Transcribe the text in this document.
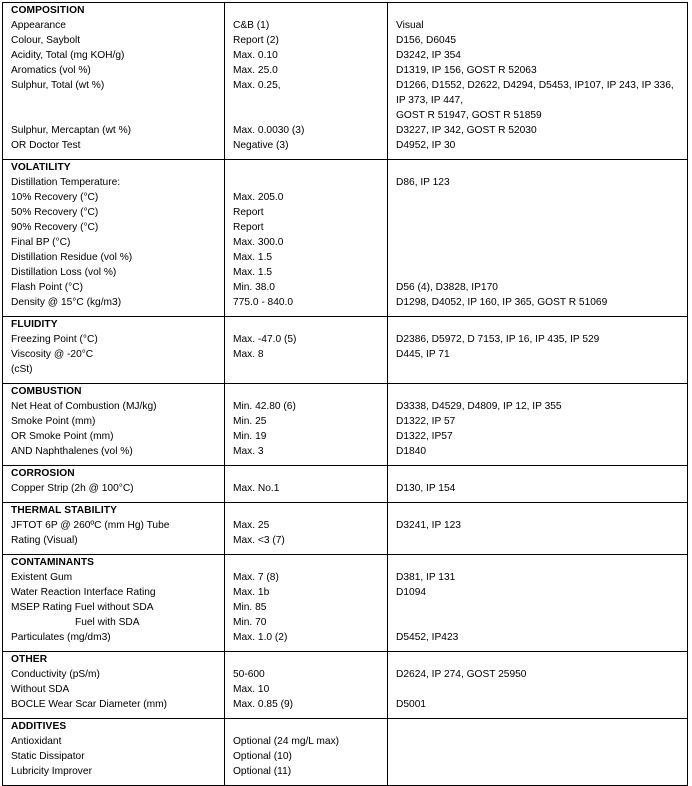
COMPOSITION		
Appearance	C&B (1)	Visual
Colour, Saybolt	Report (2)	D156, D6045
Acidity, Total (mg KOH/g)	Max. 0.10	D3242, IP 354
Aromatics (vol %)	Max. 25.0	D1319, IP 156, GOST R 52063
Sulphur, Total (wt %)	Max. 0.25,	D1266, D1552, D2622, D4294, D5453, IP107, IP 243, IP 336, IP 373, IP 447,
		GOST R 51947, GOST R 51859
Sulphur, Mercaptan (wt %)	Max. 0.0030 (3)	D3227, IP 342, GOST R 52030
OR Doctor Test	Negative (3)	D4952, IP 30

VOLATILITY		
Distillation Temperature:		D86, IP 123
10% Recovery (°C)	Max. 205.0	
50% Recovery (°C)	Report	
90% Recovery (°C)	Report	
Final BP (°C)	Max. 300.0	
Distillation Residue (vol %)	Max. 1.5	
Distillation Loss (vol %)	Max. 1.5	
Flash Point (°C)	Min. 38.0	D56 (4), D3828, IP170
Density @ 15°C (kg/m3)	775.0 - 840.0	D1298, D4052, IP 160, IP 365, GOST R 51069

FLUIDITY		
Freezing Point (°C)	Max. -47.0 (5)	D2386, D5972, D 7153, IP 16, IP 435, IP 529
Viscosity @ -20°C	Max. 8	D445, IP 71
(cSt)		

COMBUSTION		
Net Heat of Combustion (MJ/kg)	Min. 42.80 (6)	D3338, D4529, D4809, IP 12, IP 355
Smoke Point (mm)	Min. 25	D1322, IP 57
OR Smoke Point (mm)	Min. 19	D1322, IP57
AND Naphthalenes (vol %)	Max. 3	D1840

CORROSION		
Copper Strip (2h @ 100°C)	Max. No.1	D130, IP 154

THERMAL STABILITY		
JFTOT 6P @ 260ºC (mm Hg) Tube	Max. 25	D3241, IP 123
Rating (Visual)	Max. <3 (7)	

CONTAMINANTS		
Existent Gum	Max. 7 (8)	D381, IP 131
Water Reaction Interface Rating	Max. 1b	D1094
MSEP Rating Fuel without SDA	Min. 85	
Fuel with SDA	Min. 70	
Particulates (mg/dm3)	Max. 1.0 (2)	D5452, IP423

OTHER		
Conductivity (pS/m)	50-600	D2624, IP 274, GOST 25950
Without SDA	Max. 10	
BOCLE Wear Scar Diameter (mm)	Max. 0.85 (9)	D5001

ADDITIVES		
Antioxidant	Optional (24 mg/L max)	
Static Dissipator	Optional (10)	
Lubricity Improver	Optional (11)	
